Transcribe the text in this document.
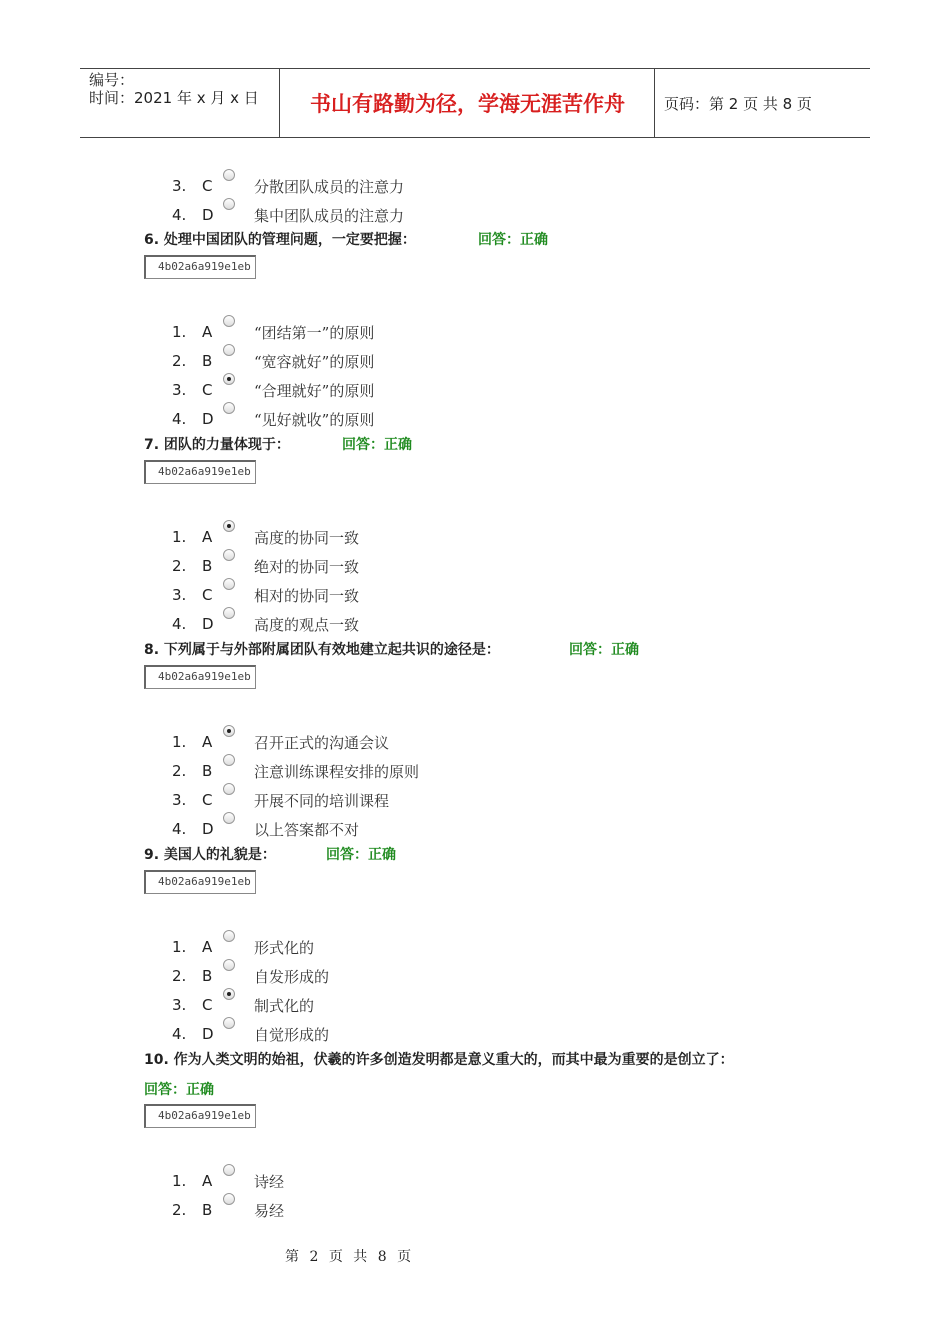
编号：
时间：2021 年 x 月 x 日	书山有路勤为径，学海无涯苦作舟	页码：第 2 页 共 8 页
3.	C	分散团队成员的注意力
4.	D	集中团队成员的注意力
6. 处理中国团队的管理问题，一定要把握：	回答：正确
4b02a6a919e1eb
1.	A	“团结第一”的原则
2.	B	“宽容就好”的原则
3.	C	“合理就好”的原则
4.	D	“见好就收”的原则
7. 团队的力量体现于：	回答：正确
4b02a6a919e1eb
1.	A	高度的协同一致
2.	B	绝对的协同一致
3.	C	相对的协同一致
4.	D	高度的观点一致
8. 下列属于与外部附属团队有效地建立起共识的途径是：	回答：正确
4b02a6a919e1eb
1.	A	召开正式的沟通会议
2.	B	注意训练课程安排的原则
3.	C	开展不同的培训课程
4.	D	以上答案都不对
9. 美国人的礼貌是：	回答：正确
4b02a6a919e1eb
1.	A	形式化的
2.	B	自发形成的
3.	C	制式化的
4.	D	自觉形成的
10. 作为人类文明的始祖，伏羲的许多创造发明都是意义重大的，而其中最为重要的是创立了：
回答：正确
4b02a6a919e1eb
1.	A	诗经
2.	B	易经
第 2 页 共 8 页
